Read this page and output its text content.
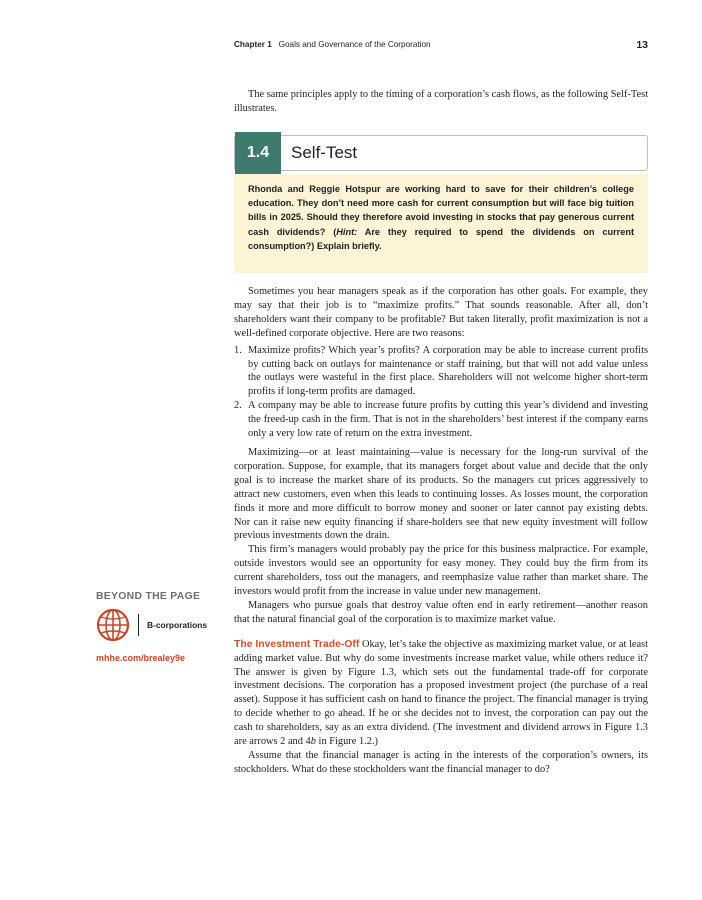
Chapter 1 Goals and Governance of the Corporation	13

The same principles apply to the timing of a corporation’s cash flows, as the following Self-Test illustrates.

1.4	Self-Test
Rhonda and Reggie Hotspur are working hard to save for their children’s college education. They don’t need more cash for current consumption but will face big tuition bills in 2025. Should they therefore avoid investing in stocks that pay generous current cash dividends? (Hint: Are they required to spend the dividends on current consumption?) Explain briefly.

Sometimes you hear managers speak as if the corporation has other goals. For example, they may say that their job is to “maximize profits.” That sounds reasonable. After all, don’t shareholders want their company to be profitable? But taken literally, profit maximization is not a well-defined corporate objective. Here are two reasons:

1. Maximize profits? Which year’s profits? A corporation may be able to increase current profits by cutting back on outlays for maintenance or staff training, but that will not add value unless the outlays were wasteful in the first place. Shareholders will not welcome higher short-term profits if long-term profits are damaged.
2. A company may be able to increase future profits by cutting this year’s dividend and investing the freed-up cash in the firm. That is not in the shareholders’ best interest if the company earns only a very low rate of return on the extra investment.

Maximizing—or at least maintaining—value is necessary for the long-run survival of the corporation. Suppose, for example, that its managers forget about value and decide that the only goal is to increase the market share of its products. So the managers cut prices aggressively to attract new customers, even when this leads to continuing losses. As losses mount, the corporation finds it more and more difficult to borrow money and sooner or later cannot pay existing debts. Nor can it raise new equity financing if share-holders see that new equity investment will follow previous investments down the drain.

This firm’s managers would probably pay the price for this business malpractice. For example, outside investors would see an opportunity for easy money. They could buy the firm from its current shareholders, toss out the managers, and reemphasize value rather than market share. The investors would profit from the increase in value under new management.

Managers who pursue goals that destroy value often end in early retirement—another reason that the natural financial goal of the corporation is to maximize market value.

The Investment Trade-Off Okay, let’s take the objective as maximizing market value, or at least adding market value. But why do some investments increase market value, while others reduce it? The answer is given by Figure 1.3, which sets out the fundamental trade-off for corporate investment decisions. The corporation has a proposed investment project (the purchase of a real asset). Suppose it has sufficient cash on hand to finance the project. The financial manager is trying to decide whether to go ahead. If he or she decides not to invest, the corporation can pay out the cash to shareholders, say as an extra dividend. (The investment and dividend arrows in Figure 1.3 are arrows 2 and 4b in Figure 1.2.)

Assume that the financial manager is acting in the interests of the corporation’s owners, its stockholders. What do these stockholders want the financial manager to do?

BEYOND THE PAGE
B-corporations
mhhe.com/brealey9e
